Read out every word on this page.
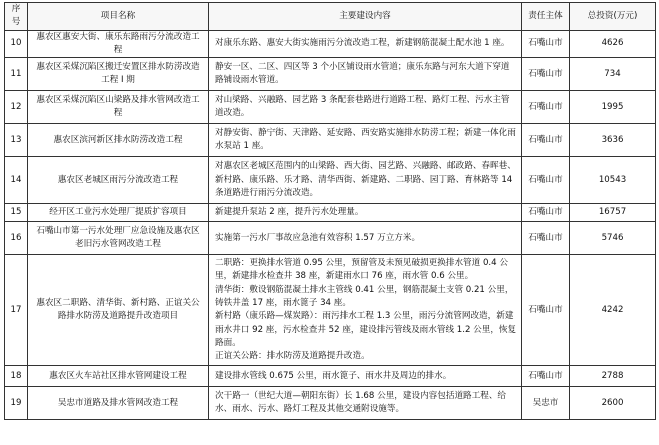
序号	项目名称	主要建设内容	责任主体	总投资(万元)
10	惠农区惠安大街、康乐东路雨污分流改造工程	对康乐东路、惠安大街实施雨污分流改造工程，新建钢筋混凝土配水池 1 座。	石嘴山市	4626
11	惠农区采煤沉陷区搬迁安置区排水防涝改造工程 I 期	静安一区、二区、四区等 3 个小区铺设雨水管道；康乐东路与河东大道下穿道路铺设雨水管道。	石嘴山市	734
12	惠农区采煤沉陷区山梁路及排水管网改造工程	对山梁路、兴融路、园艺路 3 条配套巷路进行道路工程、路灯工程、污水主管道改造。	石嘴山市	1995
13	惠农区滨河新区排水防涝改造工程	对静安街、静宁街、天津路、延安路、西安路实施排水防涝工程；新建一体化雨水泵站 1 座。	石嘴山市	3636
14	惠农区老城区雨污分流改造工程	对惠农区老城区范围内的山梁路、西大街、园艺路、兴融路、邮政路、春晖巷、新村路、康乐路、乐才路、清华西街、新建路、二职路、园丁路、育林路等 14 条道路进行雨污分流改造。	石嘴山市	10543
15	经开区工业污水处理厂提质扩容项目	新建提升泵站 2 座，提升污水处理量。	石嘴山市	16757
16	石嘴山市第一污水处理厂应急设施及惠农区老旧污水管网改造工程	实施第一污水厂事故应急池有效容积 1.57 万立方米。	石嘴山市	5746
17	惠农区二职路、清华街、新村路、正谊关公路排水防涝及道路提升改造项目	二职路：更换排水管道 0.95 公里，预留管及未预见破损更换排水管道 0.4 公里，新建排水检查井 38 座，新建雨水口 76 座，雨水管 0.6 公里。
清华街：敷设钢筋混凝土排水主管线 0.41 公里，钢筋混凝土支管 0.21 公里，铸铁井盖 17 座，雨水篦子 34 座。
新村路（康乐路—煤炭路）：雨污排水工程 1.3 公里，雨污分流管网改造，新建雨水井口 92 座，污水检查井 52 座，建设排污管线及雨水管线 1.2 公里，恢复路面。
正谊关公路：排水防涝及道路提升改造。	石嘴山市	4242
18	惠农区火车站社区排水管网建设工程	建设排水管线 0.675 公里，雨水篦子、雨水井及周边的排水。	石嘴山市	2788
19	吴忠市道路及排水管网改造工程	次干路一（世纪大道—朝阳东街）长 1.68 公里，建设内容包括道路工程、给水、雨水、污水、路灯工程及其他交通附设施等。	吴忠市	2600
